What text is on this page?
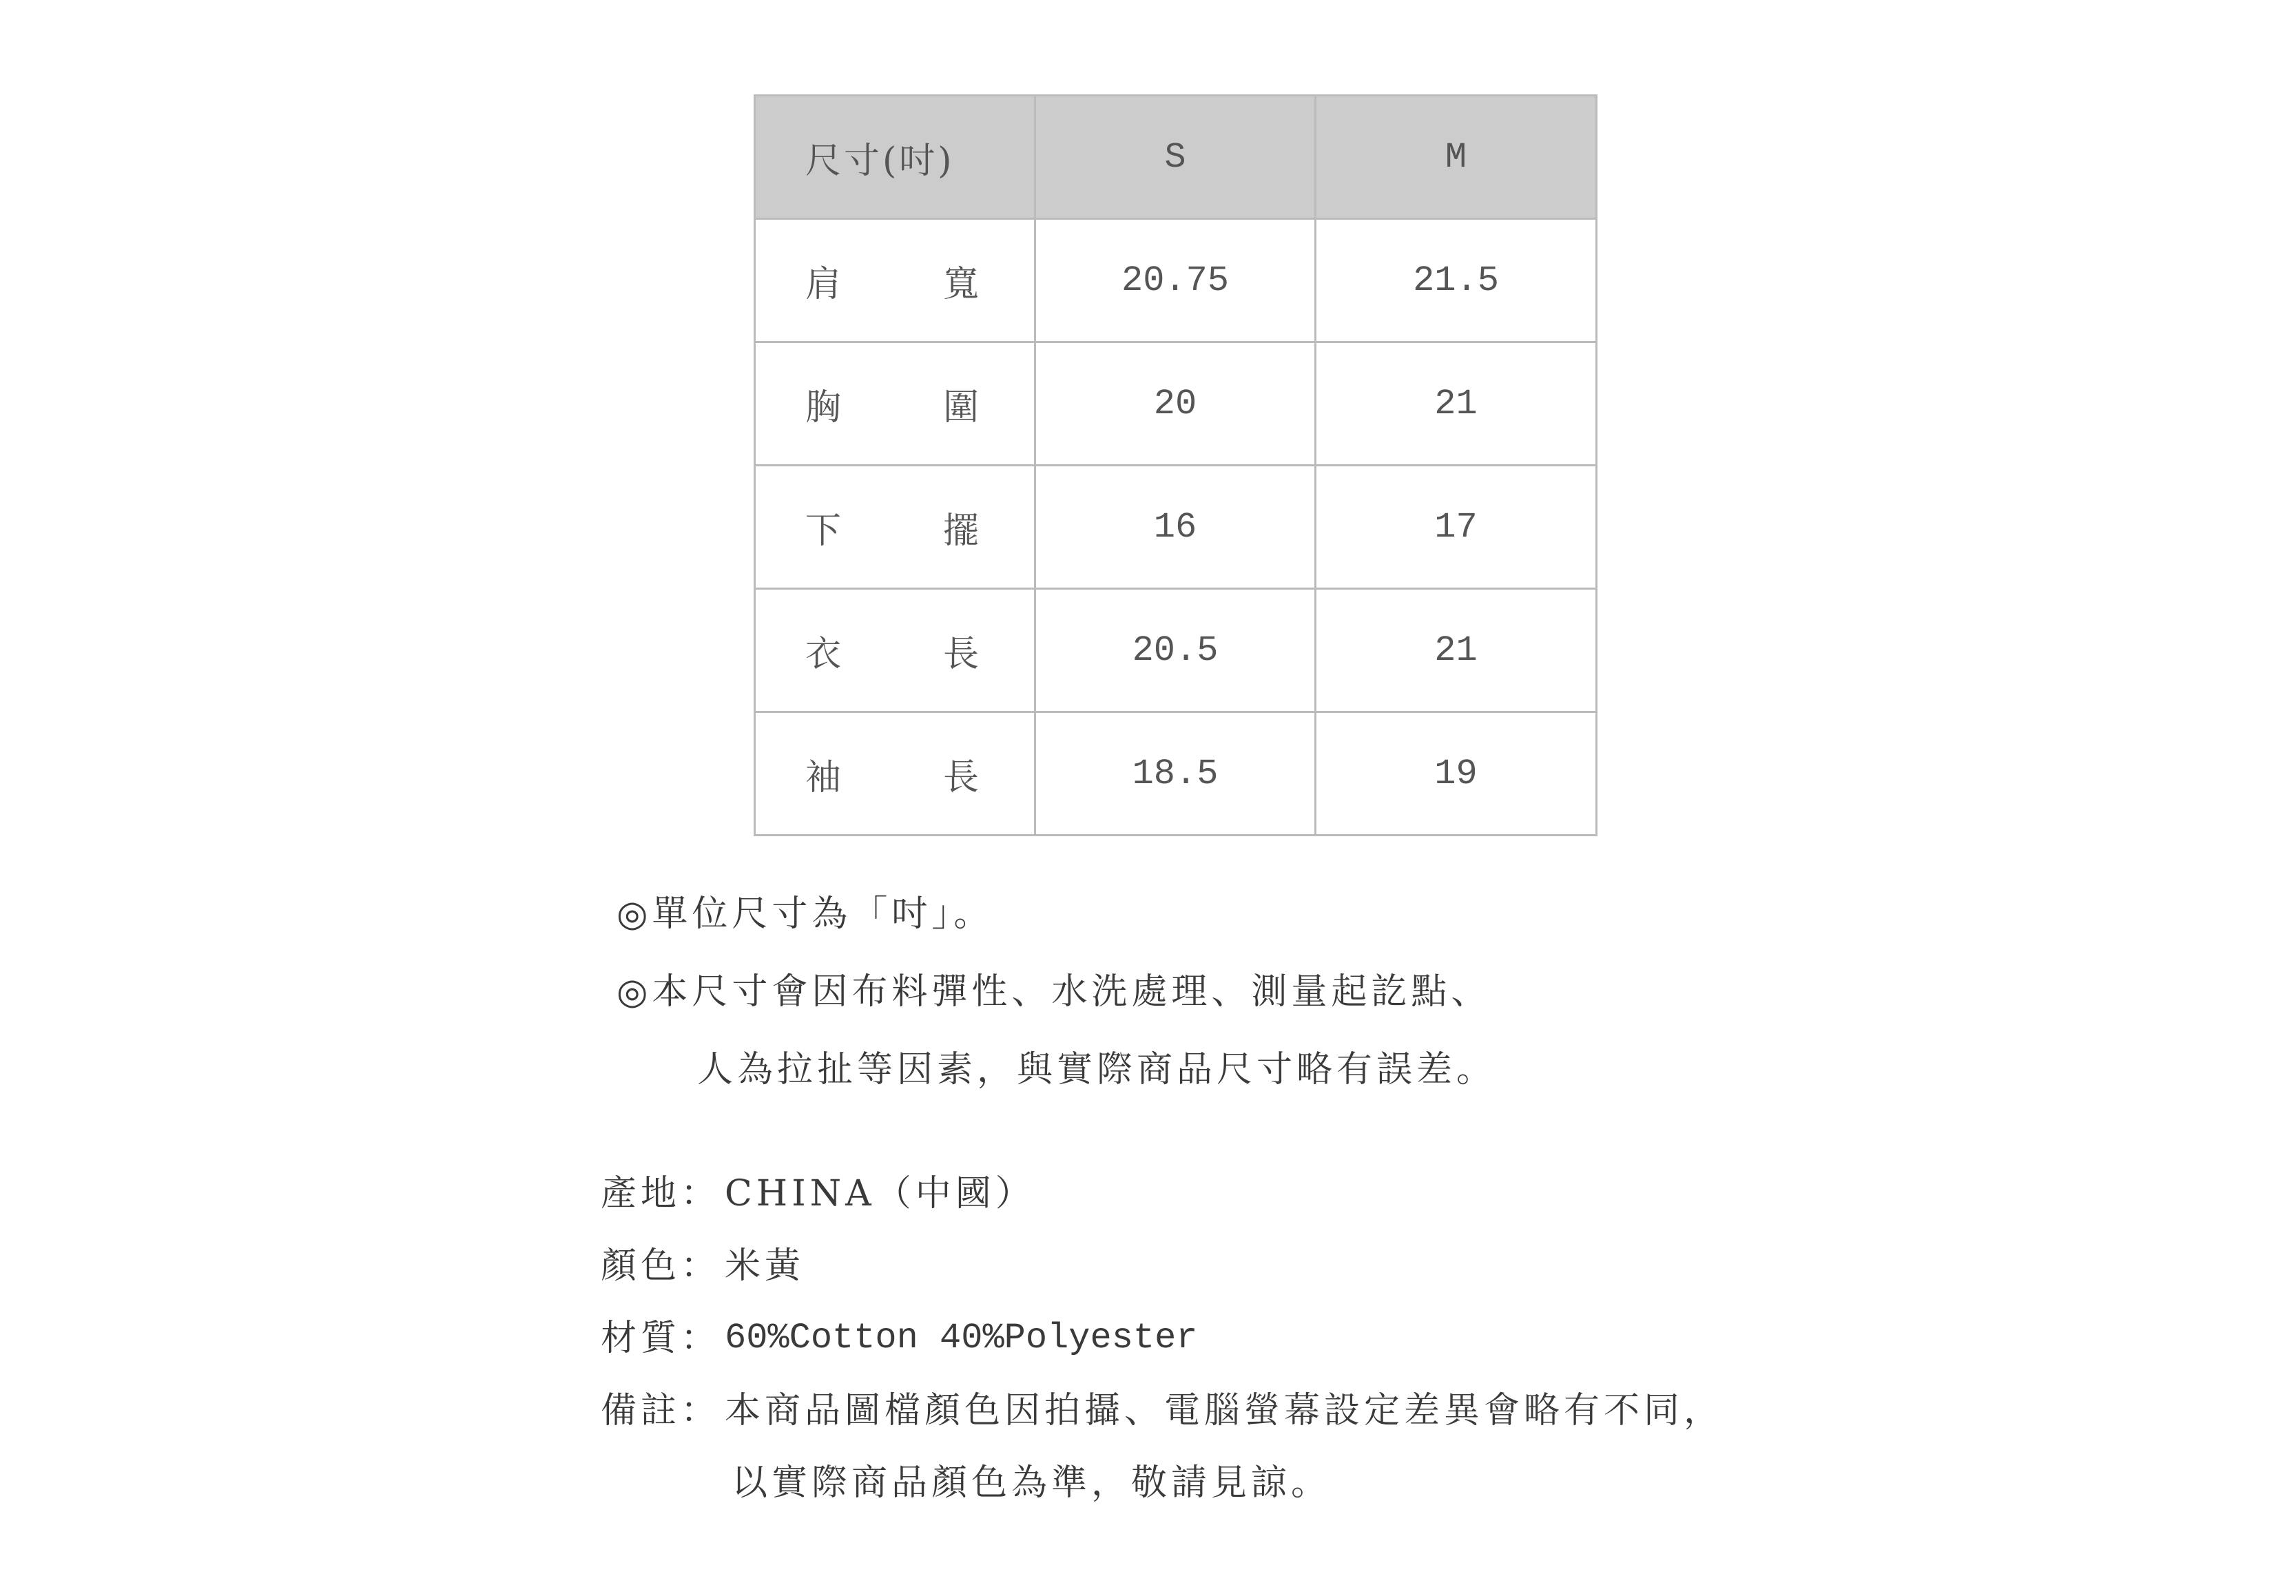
尺寸(吋)	S	M

肩 寬	20.75	21.5

胸 圍	20	21

下 擺	16	17

衣 長	20.5	21

袖 長	18.5	19
◎單位尺寸為「吋」。
◎本尺寸會因布料彈性、水洗處理、測量起訖點、
人為拉扯等因素，與實際商品尺寸略有誤差。
產地： CHINA（中國）
顏色： 米黃
材質： 60%Cotton 40%Polyester
備註： 本商品圖檔顏色因拍攝、電腦螢幕設定差異會略有不同，
以實際商品顏色為準，敬請見諒。
